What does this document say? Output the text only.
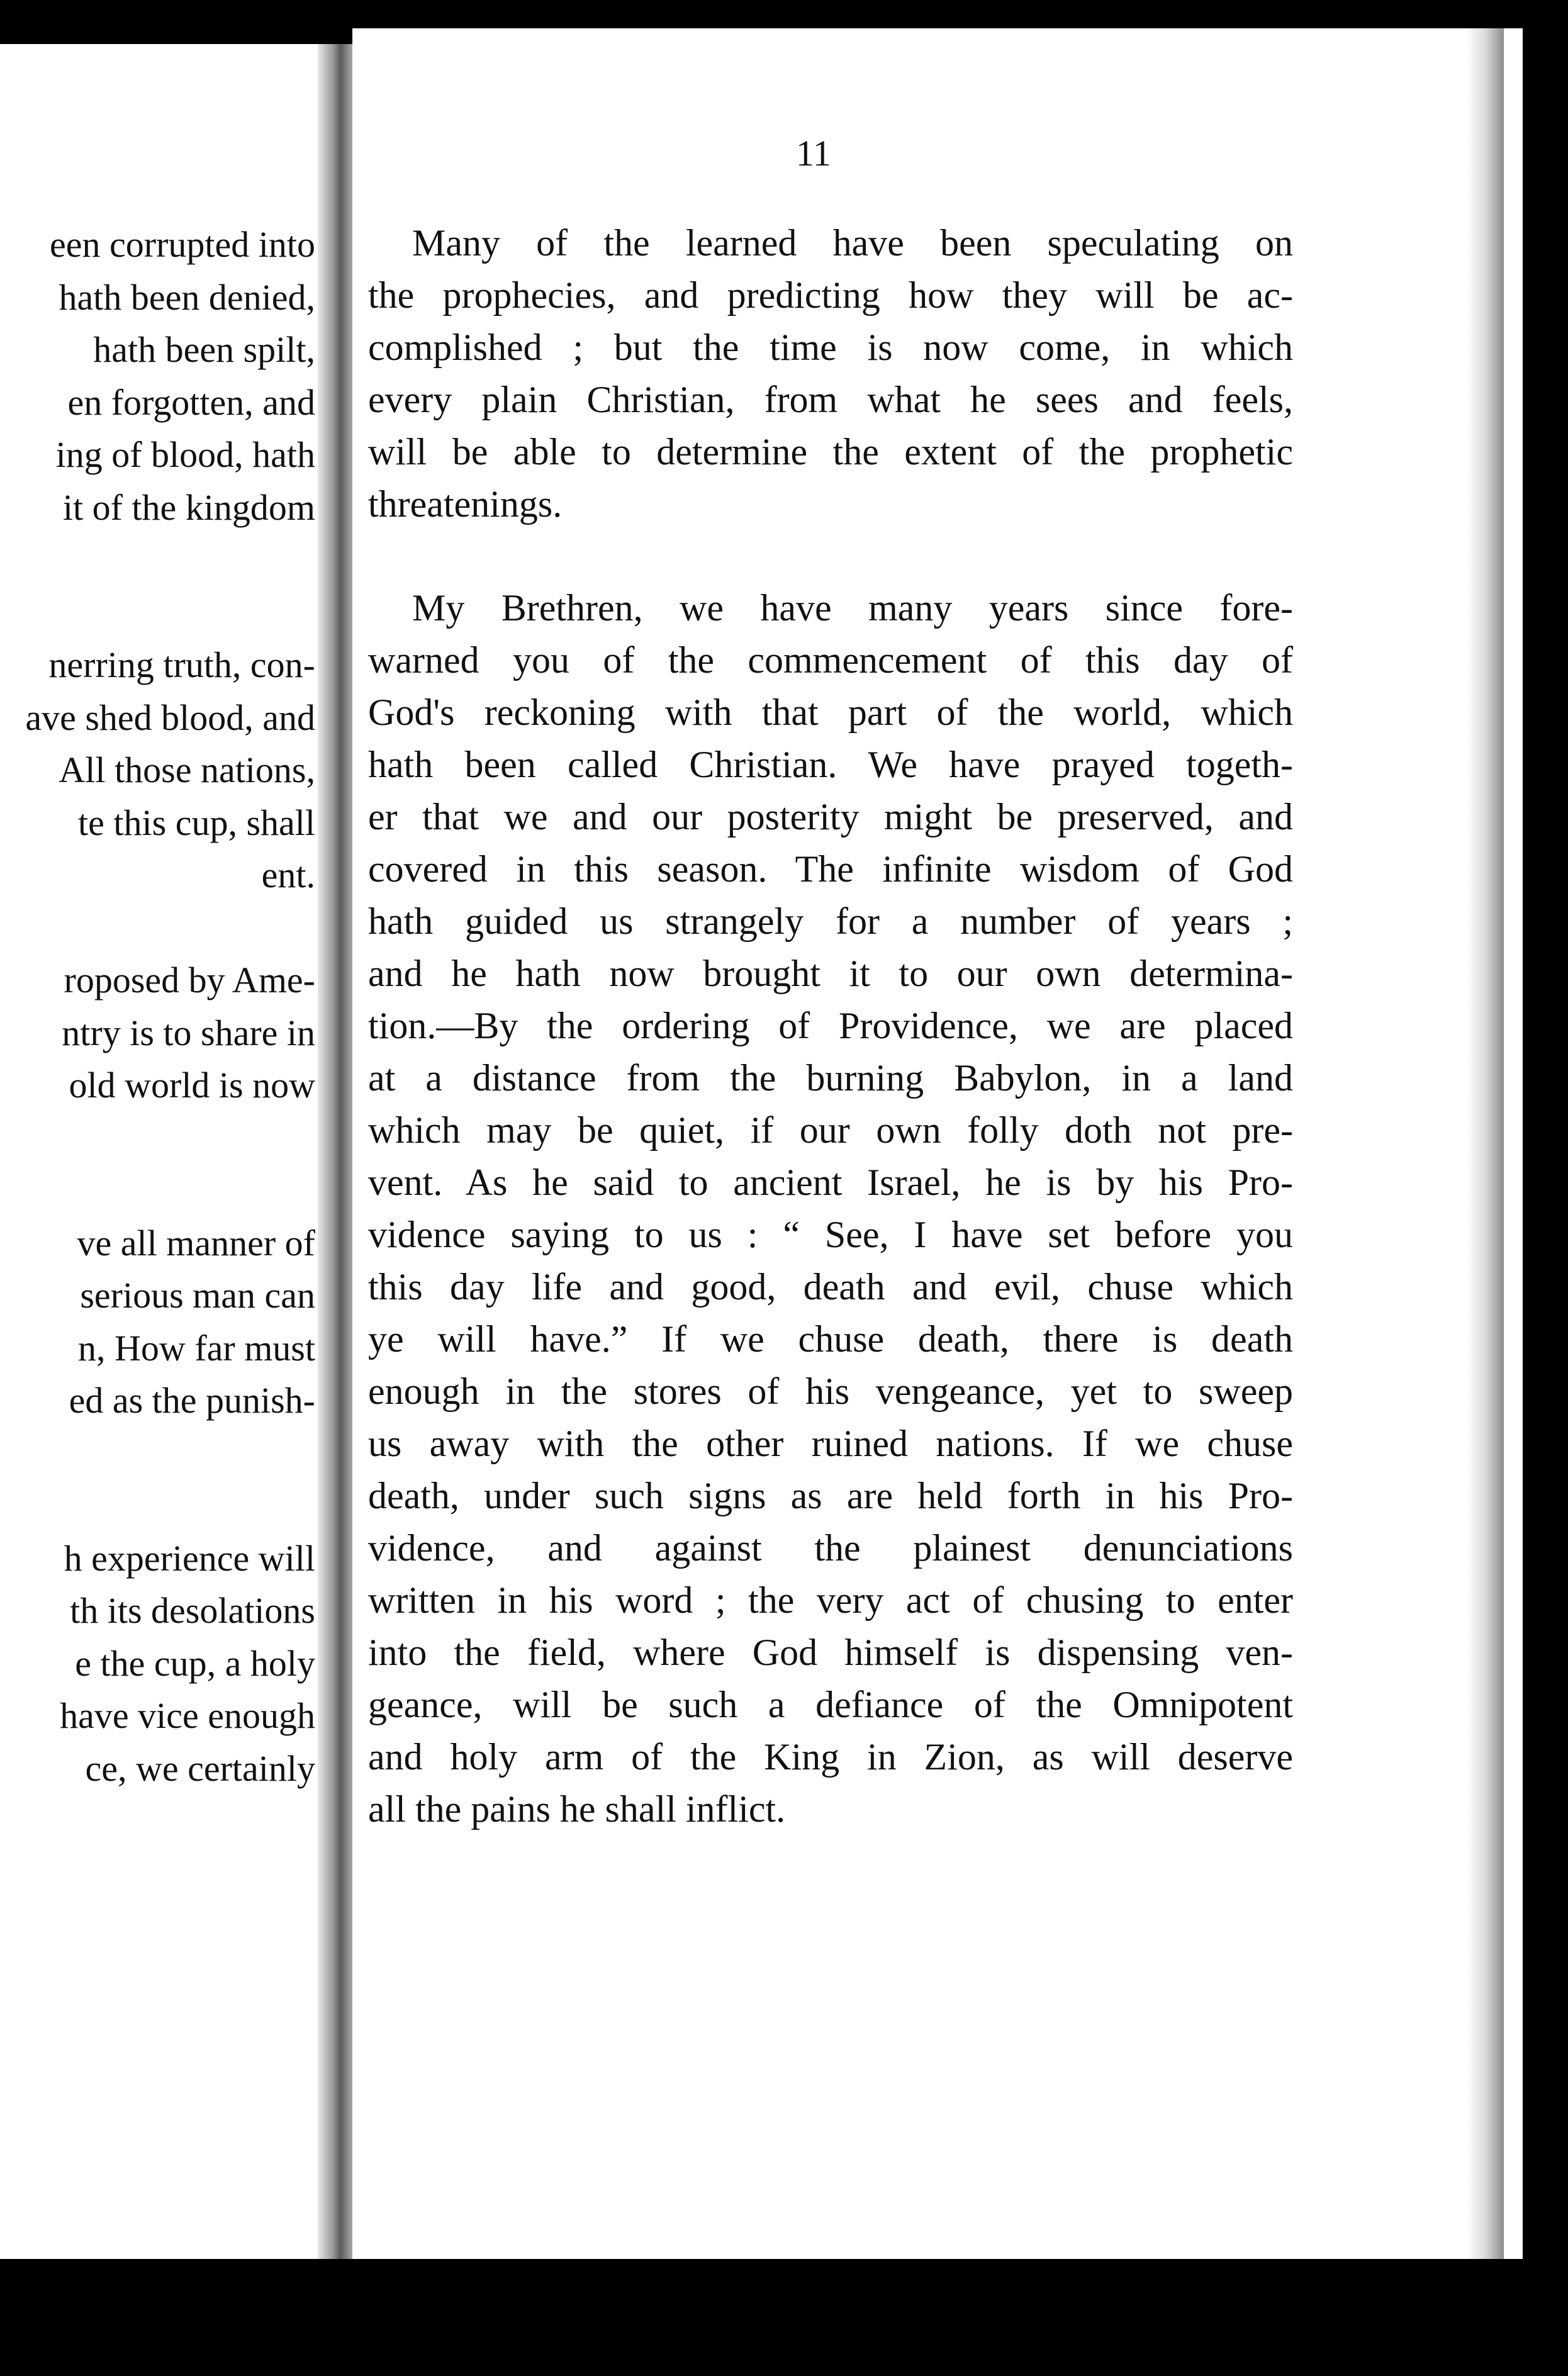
een corrupted into
hath been denied,
hath been spilt,
en forgotten, and
ing of blood, hath
it of the kingdom
nerring truth, con-
ave shed blood, and
All those nations,
te this cup, shall
ent.
roposed by Ame-
ntry is to share in
old world is now
ve all manner of
serious man can
n, How far must
ed as the punish-
h experience will
th its desolations
e the cup, a holy
have vice enough
ce, we certainly
11
Many of the learned have been speculating on
the prophecies, and predicting how they will be ac-
complished ; but the time is now come, in which
every plain Christian, from what he sees and feels,
will be able to determine the extent of the prophetic
threatenings.
My Brethren, we have many years since fore-
warned you of the commencement of this day of
God's reckoning with that part of the world, which
hath been called Christian. We have prayed togeth-
er that we and our posterity might be preserved, and
covered in this season. The infinite wisdom of God
hath guided us strangely for a number of years ;
and he hath now brought it to our own determina-
tion.—By the ordering of Providence, we are placed
at a distance from the burning Babylon, in a land
which may be quiet, if our own folly doth not pre-
vent. As he said to ancient Israel, he is by his Pro-
vidence saying to us : “ See, I have set before you
this day life and good, death and evil, chuse which
ye will have.” If we chuse death, there is death
enough in the stores of his vengeance, yet to sweep
us away with the other ruined nations. If we chuse
death, under such signs as are held forth in his Pro-
vidence, and against the plainest denunciations
written in his word ; the very act of chusing to enter
into the field, where God himself is dispensing ven-
geance, will be such a defiance of the Omnipotent
and holy arm of the King in Zion, as will deserve
all the pains he shall inflict.
